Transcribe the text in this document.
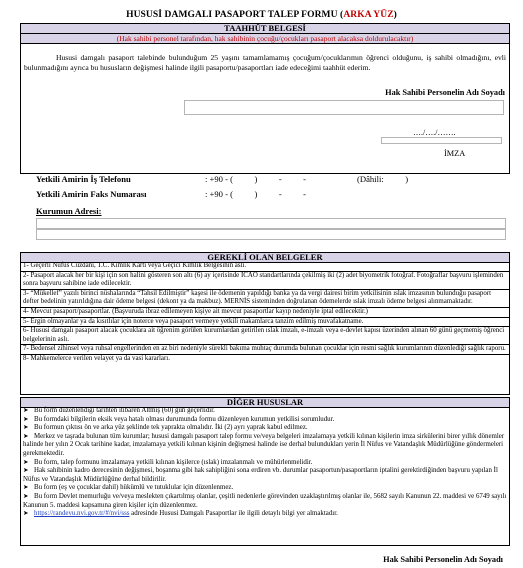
HUSUSİ DAMGALI PASAPORT TALEP FORMU (ARKA YÜZ)
TAAHHÜT BELGESİ
(Hak sahibi personel tarafından, hak sahibinin çocuğu/çocukları pasaport alacaksa doldurulacaktır)
Hususi damgalı pasaport talebinde bulunduğum 25 yaşını tamamlamamış çocuğum/çocuklarımın öğrenci olduğunu, iş sahibi olmadığını, evli bulunmadığını ayrıca bu hususların değişmesi halinde ilgili pasaportu/pasaportları iade edeceğimi taahhüt ederim.
Hak Sahibi Personelin Adı Soyadı
…./…./…….
İMZA
Yetkili Amirin İş Telefonu	: +90 - (          )          -          -	(Dâhili:          )
Yetkili Amirin Faks Numarası	: +90 - (          )          -          -
Kurumun Adresi:
GEREKLİ OLAN BELGELER
1- Geçerli Nüfus Cüzdanı, T.C. Kimlik Kartı veya Geçici Kimlik Belgesinin aslı.
2- Pasaport alacak her bir kişi için son halini gösteren son altı (6) ay içerisinde ICAO standartlarında çekilmiş iki (2) adet biyometrik fotoğraf. Fotoğraflar başvuru işleminden sonra başvuru sahibine iade edilecektir.
3- “Mükellef” yazılı birinci nüshalarında “Tahsil Edilmiştir” kaşesi ile ödemenin yapıldığı banka ya da vergi dairesi birim yetkilisinin ıslak imzasının bulunduğu pasaport defter bedelinin yatırıldığına dair ödeme belgesi (dekont ya da makbuz). MERNİS sisteminden doğrulanan ödemelerde ıslak imzalı ödeme belgesi alınmamaktadır.
4- Mevcut pasaport/pasaportlar. (Başvuruda ibraz edilemeyen kişiye ait mevcut pasaportlar kayıp nedeniyle iptal edilecektir.)
5- Ergin olmayanlar ya da kısıtlılar için noterce veya pasaport vermeye yetkili makamlarca tanzim edilmiş muvafakatname.
6- Hususi damgalı pasaport alacak çocuklara ait öğrenim görülen kurumlardan getirilen ıslak imzalı, e-imzalı veya e-devlet kapısı üzerinden alınan 60 günü geçmemiş öğrenci belgelerinin aslı.
7- Bedensel zihinsel veya ruhsal engellerinden en az biri nedeniyle sürekli bakıma muhtaç durumda bulunan çocuklar için resmi sağlık kurumlarının düzenlediği sağlık raporu.
8- Mahkemelerce verilen velayet ya da vasi kararları.
DİĞER HUSUSLAR
➤ Bu form düzenlendiği tarihten itibaren Altmış (60) gün geçerlidir.
➤ Bu formdaki bilgilerin eksik veya hatalı olması durumunda formu düzenleyen kurumun yetkilisi sorumludur.
➤ Bu formun çıktısı ön ve arka yüz şeklinde tek yaprakta olmalıdır. İki (2) ayrı yaprak kabul edilmez.
➤ Merkez ve taşrada bulunan tüm kurumlar; hususi damgalı pasaport talep formu ve/veya belgeleri imzalamaya yetkili kılınan kişilerin imza sirkülerini birer yıllık dönemler halinde her yılın 2 Ocak tarihine kadar, imzalamaya yetkili kılınan kişinin değişmesi halinde ise derhal bulundukları yerin İl Nüfus ve Vatandaşlık Müdürlüğüne göndermeleri gerekmektedir.
➤ Bu form, talep formunu imzalamaya yetkili kılınan kişilerce (ıslak) imzalanmalı ve mühürlenmelidir.
➤ Hak sahibinin kadro derecesinin değişmesi, boşanma gibi hak sahipliğini sona erdiren vb. durumlar pasaportun/pasaportların iptalini gerektirdiğinden başvuru yapılan İl Nüfus ve Vatandaşlık Müdürlüğüne derhal bildirilir.
➤ Bu form (eş ve çocuklar dahil) hükümlü ve tutuklular için düzenlenmez.
➤ Bu form Devlet memurluğu ve/veya meslekten çıkartılmış olanlar, çeşitli nedenlerle görevinden uzaklaştırılmış olanlar ile, 5682 sayılı Kanunun 22. maddesi ve 6749 sayılı Kanunun 5. maddesi kapsamına giren kişiler için düzenlenmez.
➤ https://randevu.nvi.gov.tr/#/nvi/sss adresinde Hususi Damgalı Pasaportlar ile ilgili detaylı bilgi yer almaktadır.
Hak Sahibi Personelin Adı Soyadı
